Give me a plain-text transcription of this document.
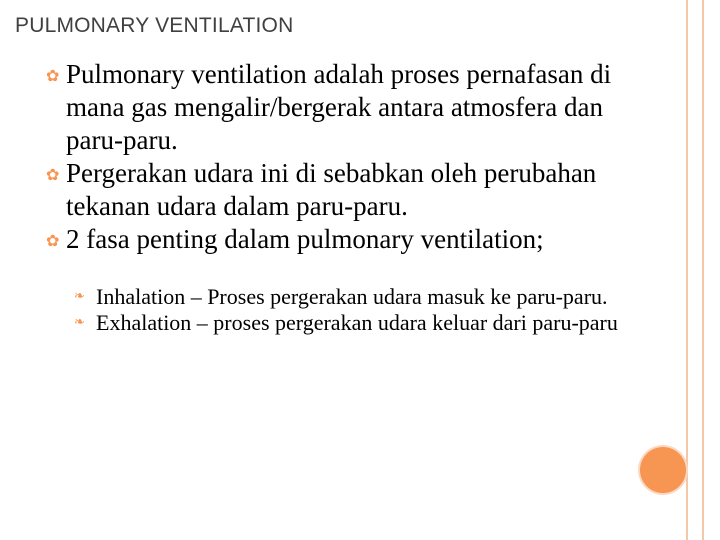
PULMONARY VENTILATION
✿ Pulmonary ventilation adalah proses pernafasan di mana gas mengalir/bergerak antara atmosfera dan paru-paru.
✿ Pergerakan udara ini di sebabkan oleh perubahan tekanan udara dalam paru-paru.
✿ 2 fasa penting dalam pulmonary ventilation;
❧ Inhalation – Proses pergerakan udara masuk ke paru-paru.
❧ Exhalation – proses pergerakan udara keluar dari paru-paru
